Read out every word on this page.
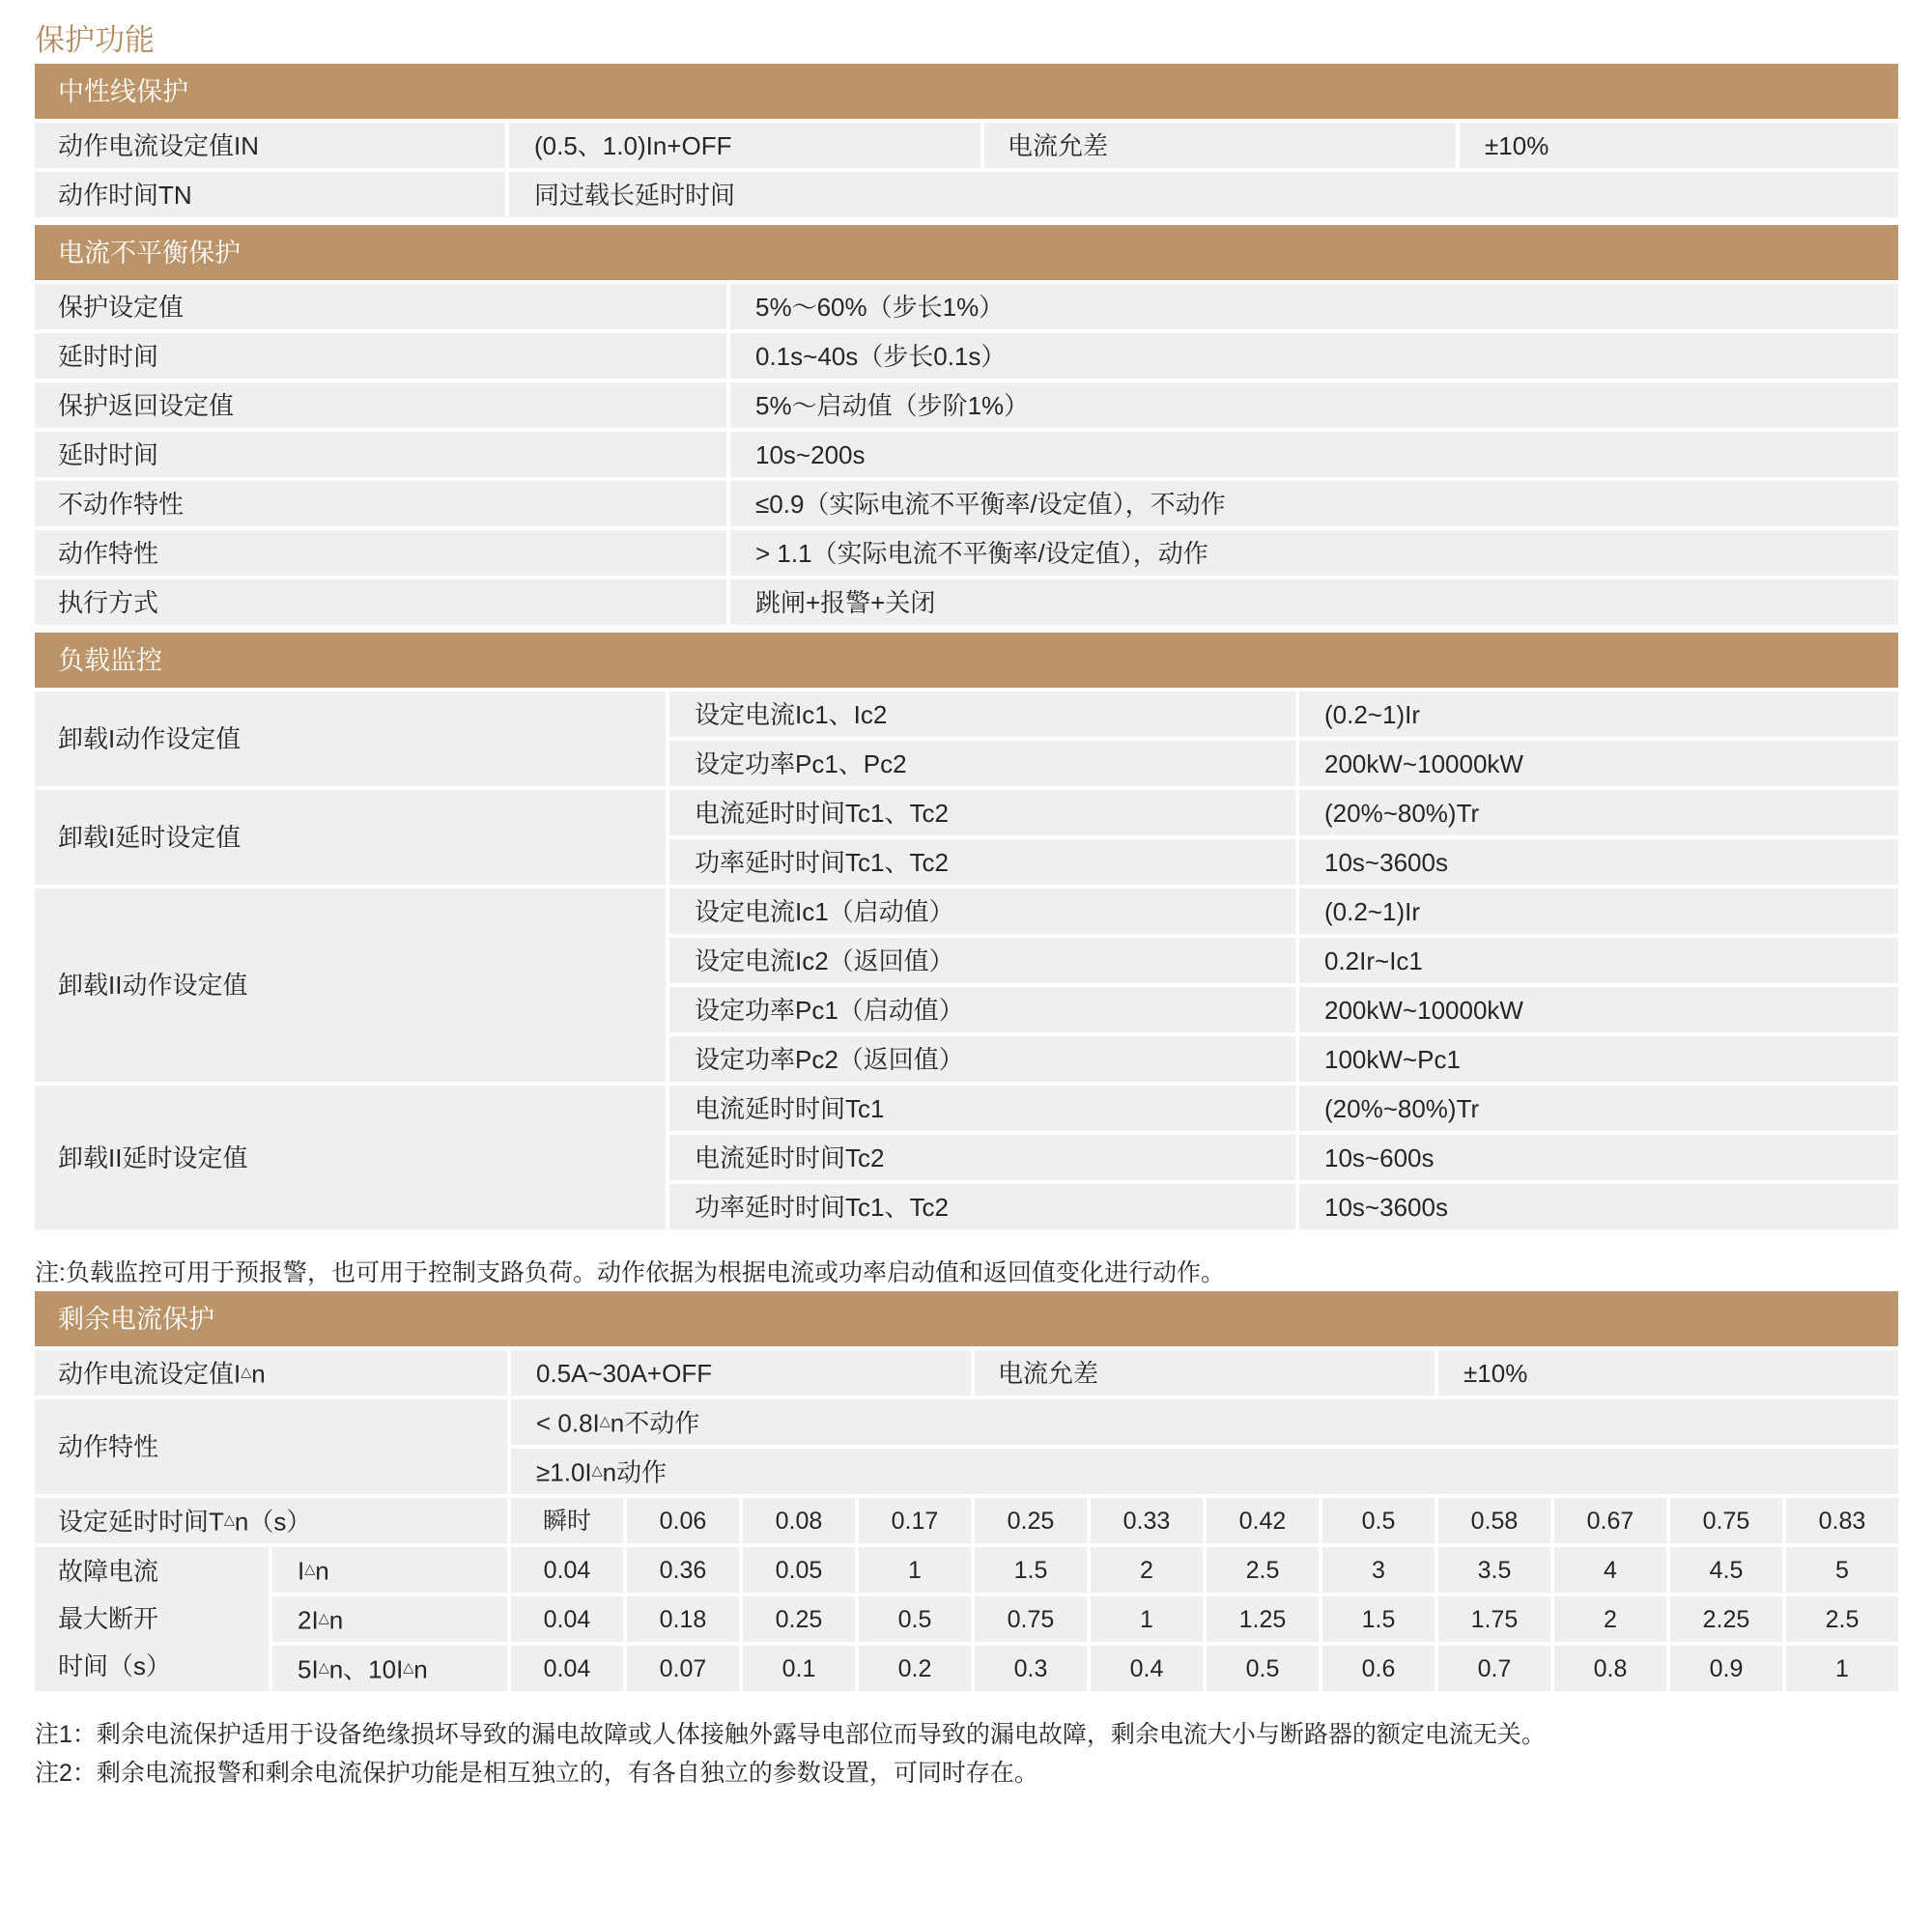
保护功能
中性线保护			
动作电流设定值IN	(0.5、1.0)In+OFF	电流允差	±10%
动作时间TN	同过载长延时时间		
电流不平衡保护	
保护设定值	5%～60%（步长1%）
延时时间	0.1s~40s（步长0.1s）
保护返回设定值	5%～启动值（步阶1%）
延时时间	10s~200s
不动作特性	≤0.9（实际电流不平衡率/设定值），不动作
动作特性	> 1.1（实际电流不平衡率/设定值），动作
执行方式	跳闸+报警+关闭
负载监控		
卸载I动作设定值	设定电流Ic1、Ic2	(0.2~1)Ir
	设定功率Pc1、Pc2	200kW~10000kW
卸载I延时设定值	电流延时时间Tc1、Tc2	(20%~80%)Tr
	功率延时时间Tc1、Tc2	10s~3600s
卸载II动作设定值	设定电流Ic1（启动值）	(0.2~1)Ir
	设定电流Ic2（返回值）	0.2Ir~Ic1
	设定功率Pc1（启动值）	200kW~10000kW
	设定功率Pc2（返回值）	100kW~Pc1
卸载II延时设定值	电流延时时间Tc1	(20%~80%)Tr
	电流延时时间Tc2	10s~600s
	功率延时时间Tc1、Tc2	10s~3600s

注:负载监控可用于预报警，也可用于控制支路负荷。动作依据为根据电流或功率启动值和返回值变化进行动作。

剩余电流保护													
动作电流设定值I△n		0.5A~30A+OFF				电流允差				±10%			
动作特性		< 0.8I△n不动作											
		≥1.0I△n动作											
设定延时时间T△n（s）		瞬时	0.06	0.08	0.17	0.25	0.33	0.42	0.5	0.58	0.67	0.75	0.83

故障电流
最大断开
时间（s）	I△n	0.04	0.36	0.05	1	1.5	2	2.5	3	3.5	4	4.5	5
	2I△n	0.04	0.18	0.25	0.5	0.75	1	1.25	1.5	1.75	2	2.25	2.5
	5I△n、10I△n	0.04	0.07	0.1	0.2	0.3	0.4	0.5	0.6	0.7	0.8	0.9	1

注1：剩余电流保护适用于设备绝缘损坏导致的漏电故障或人体接触外露导电部位而导致的漏电故障，剩余电流大小与断路器的额定电流无关。

注2：剩余电流报警和剩余电流保护功能是相互独立的，有各自独立的参数设置，可同时存在。
